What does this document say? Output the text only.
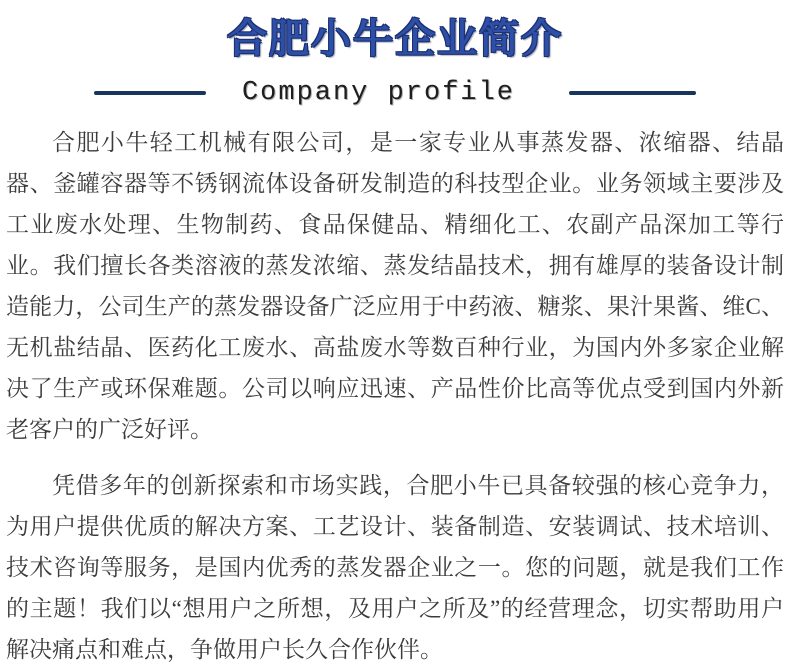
合肥小牛企业简介
Company profile

合肥小牛轻工机械有限公司，是一家专业从事蒸发器、浓缩器、结晶器、釜罐容器等不锈钢流体设备研发制造的科技型企业。业务领域主要涉及工业废水处理、生物制药、食品保健品、精细化工、农副产品深加工等行业。我们擅长各类溶液的蒸发浓缩、蒸发结晶技术，拥有雄厚的装备设计制造能力，公司生产的蒸发器设备广泛应用于中药液、糖浆、果汁果酱、维C、无机盐结晶、医药化工废水、高盐废水等数百种行业，为国内外多家企业解决了生产或环保难题。公司以响应迅速、产品性价比高等优点受到国内外新老客户的广泛好评。

凭借多年的创新探索和市场实践，合肥小牛已具备较强的核心竞争力，为用户提供优质的解决方案、工艺设计、装备制造、安装调试、技术培训、技术咨询等服务，是国内优秀的蒸发器企业之一。您的问题，就是我们工作的主题！我们以“想用户之所想，及用户之所及”的经营理念，切实帮助用户解决痛点和难点，争做用户长久合作伙伴。
